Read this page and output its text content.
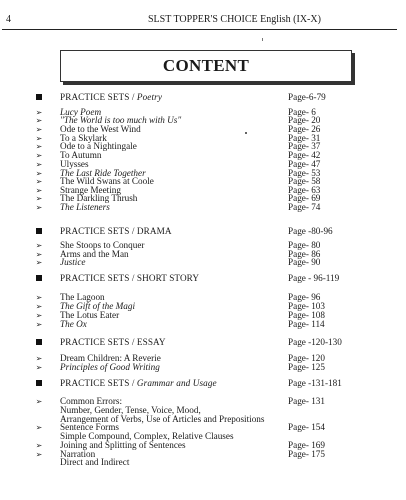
4	SLST TOPPER'S CHOICE English (IX-X)
CONTENT
PRACTICE SETS / Poetry	Page-6-79
➢ Lucy Poem	Page- 6
➢ "The World is too much with Us"	Page- 20
➢ Ode to the West Wind	Page- 26
➢ To a Skylark	Page- 31
➢ Ode to a Nightingale	Page- 37
➢ To Autumn	Page- 42
➢ Ulysses	Page- 47
➢ The Last Ride Together	Page- 53
➢ The Wild Swans at Coole	Page- 58
➢ Strange Meeting	Page- 63
➢ The Darkling Thrush	Page- 69
➢ The Listeners	Page- 74
PRACTICE SETS / DRAMA	Page -80-96
➢ She Stoops to Conquer	Page- 80
➢ Arms and the Man	Page- 86
➢ Justice	Page- 90
PRACTICE SETS / SHORT STORY	Page - 96-119
➢ The Lagoon	Page- 96
➢ The Gift of the Magi	Page- 103
➢ The Lotus Eater	Page- 108
➢ The Ox	Page- 114
PRACTICE SETS / ESSAY	Page -120-130
➢ Dream Children: A Reverie	Page- 120
➢ Principles of Good Writing	Page- 125
PRACTICE SETS / Grammar and Usage	Page -131-181
➢ Common Errors:	Page- 131
Number, Gender, Tense, Voice, Mood,
Arrangement of Verbs, Use of Articles and Prepositions
➢ Sentence Forms	Page- 154
Simple Compound, Complex, Relative Clauses
➢ Joining and Splitting of Sentences	Page- 169
➢ Narration	Page- 175
Direct and Indirect
